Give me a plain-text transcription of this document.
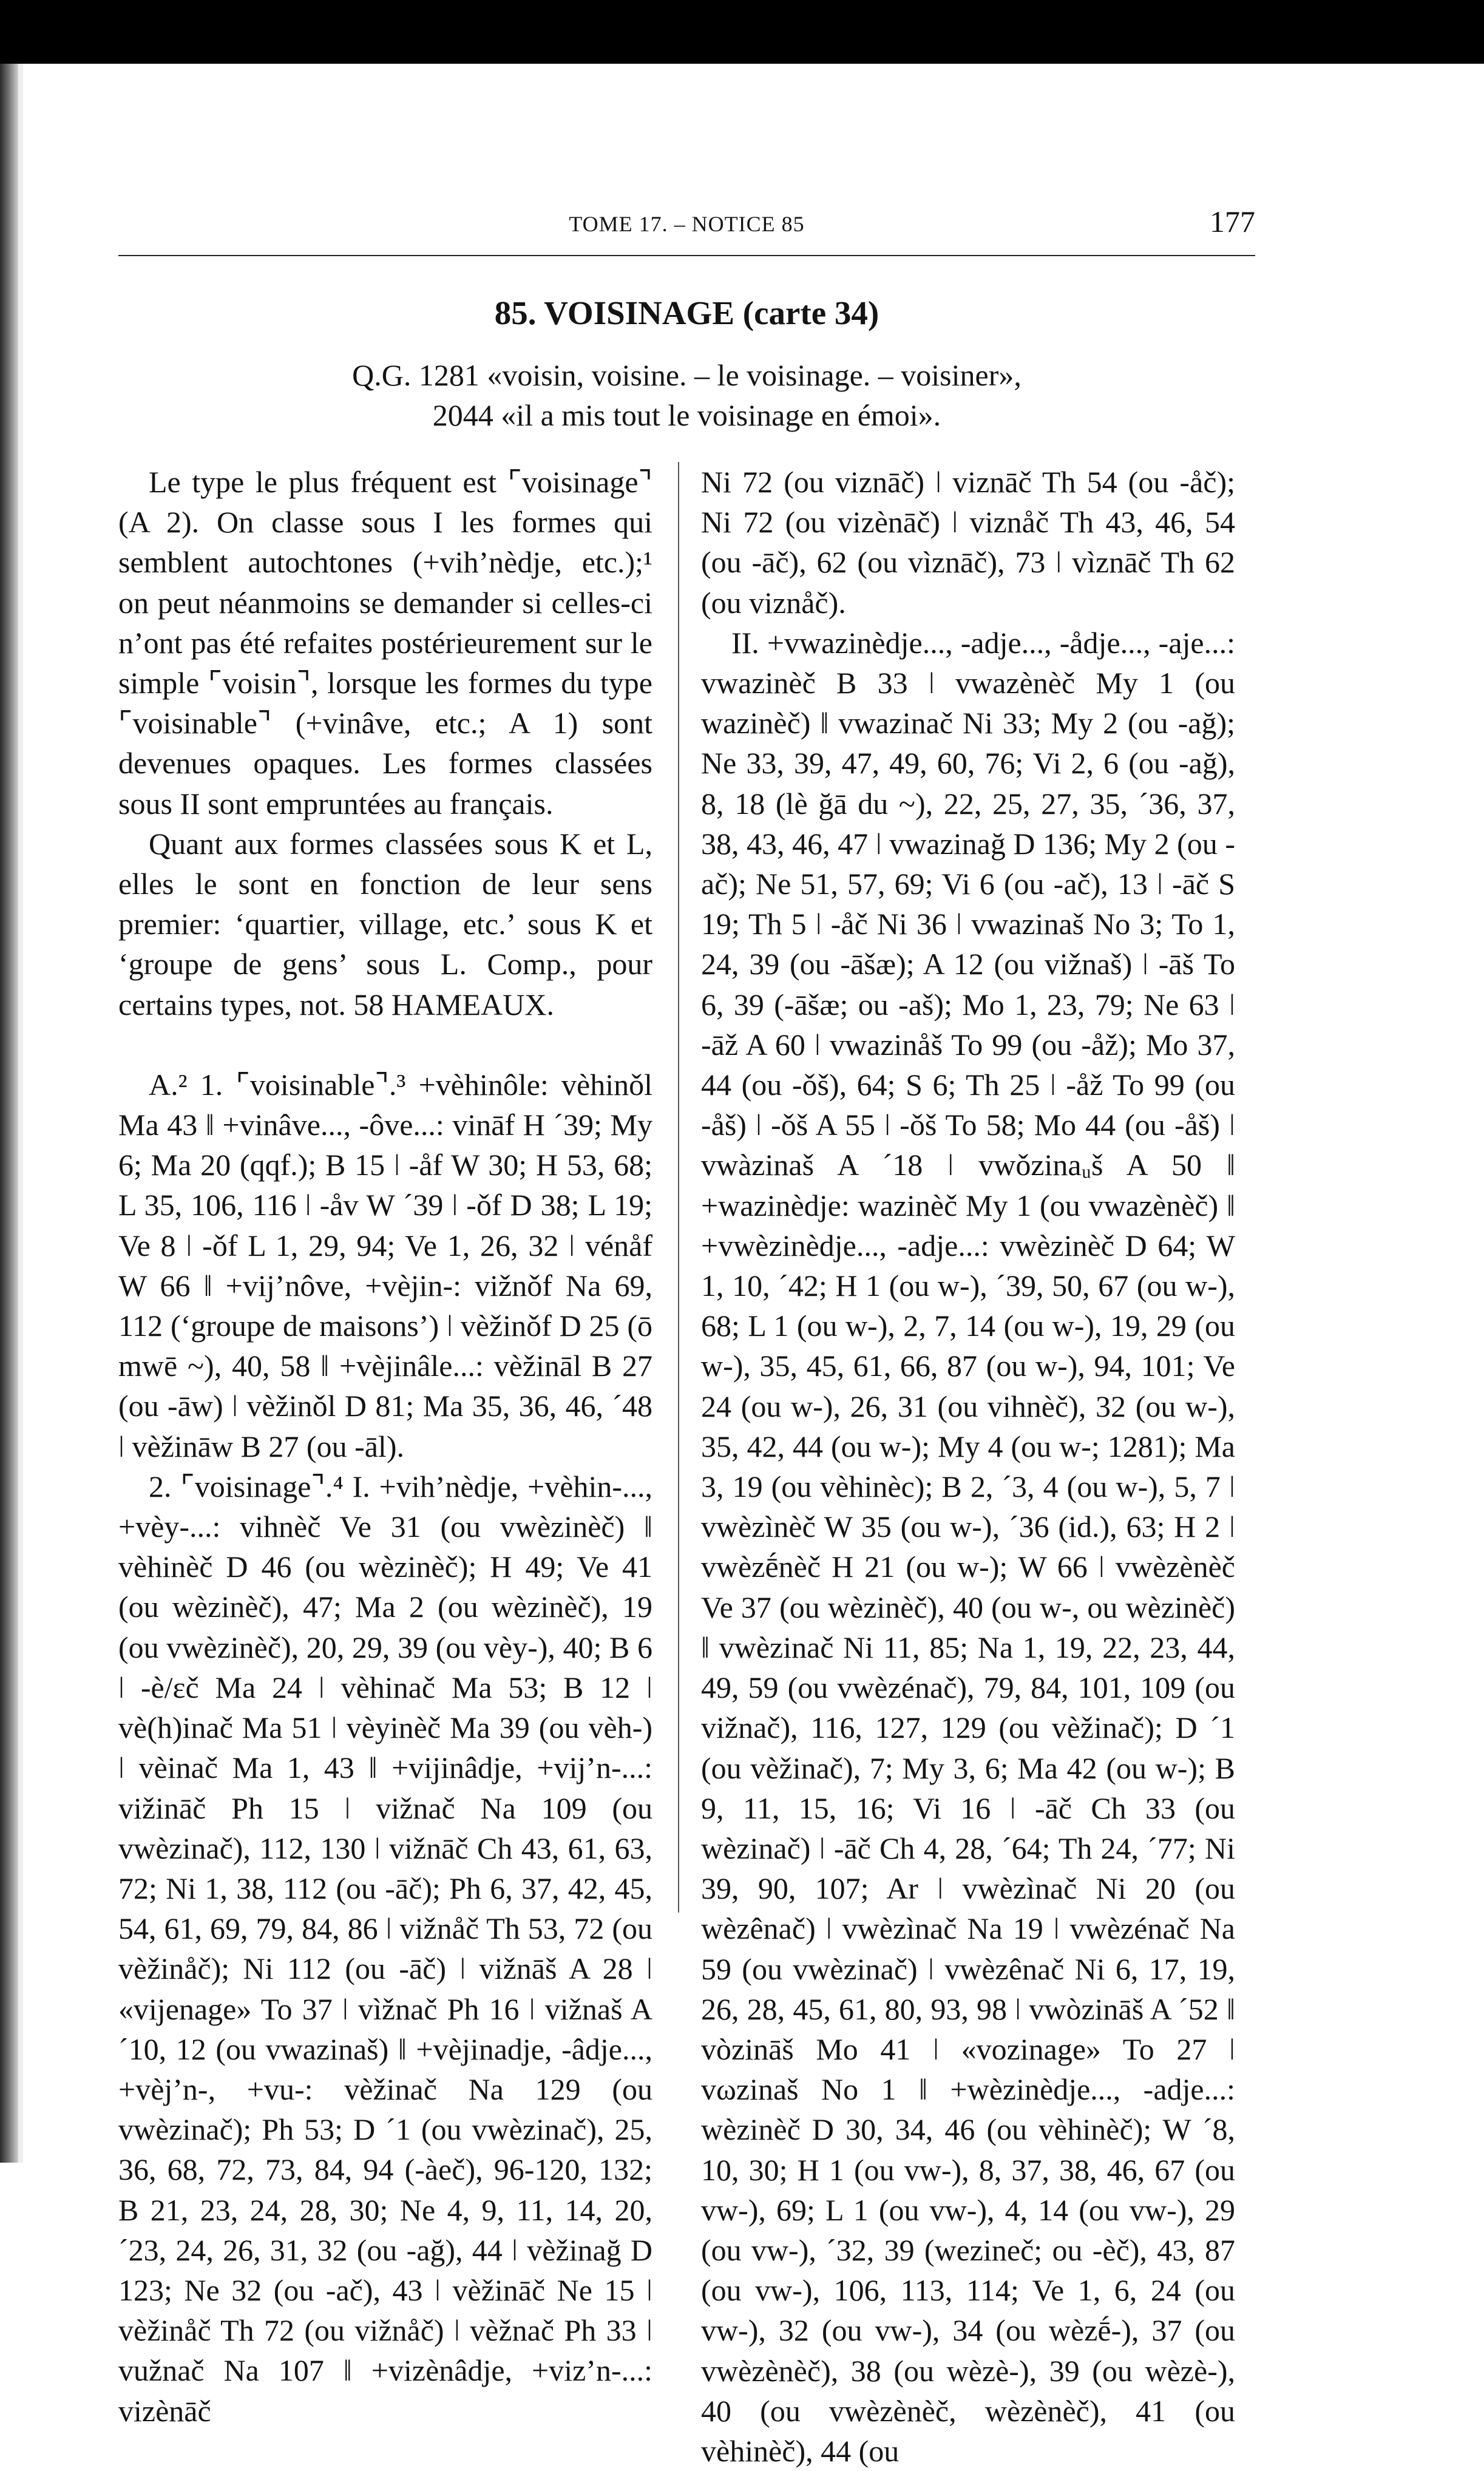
TOME 17. – NOTICE 85	177
85. VOISINAGE (carte 34)
Q.G. 1281 «voisin, voisine. – le voisinage. – voisiner»,
2044 «il a mis tout le voisinage en émoi».

Le type le plus fréquent est ⌜voisinage⌝ (A 2). On classe sous I les formes qui semblent autochtones (+vih’nèdje, etc.);¹ on peut néanmoins se demander si celles-ci n’ont pas été refaites postérieurement sur le simple ⌜voisin⌝, lorsque les formes du type ⌜voisinable⌝ (+vinâve, etc.; A 1) sont devenues opaques. Les formes classées sous II sont empruntées au français.

Quant aux formes classées sous K et L, elles le sont en fonction de leur sens premier: ‘quartier, village, etc.’ sous K et ‘groupe de gens’ sous L. Comp., pour certains types, not. 58 HAMEAUX.

A.² 1. ⌜voisinable⌝.³ +vèhinôle: vèhinǒl Ma 43 ǁ +vinâve..., -ôve...: vināf H ´39; My 6; Ma 20 (qqf.); B 15 ǀ -åf W 30; H 53, 68; L 35, 106, 116 ǀ -åv W ´39 ǀ -ǒf D 38; L 19; Ve 8 ǀ -ǒf L 1, 29, 94; Ve 1, 26, 32 ǀ vénåf W 66 ǁ +vij’nôve, +vèjin-: vižnǒf Na 69, 112 (‘groupe de maisons’) ǀ vèžinǒf D 25 (ō mwē ~), 40, 58 ǁ +vèjinâle...: vèžināl B 27 (ou -āw) ǀ vèžinǒl D 81; Ma 35, 36, 46, ´48 ǀ vèžināw B 27 (ou -āl).

2. ⌜voisinage⌝.⁴ I. +vih’nèdje, +vèhin-..., +vèy-...: vihnèč Ve 31 (ou vwèzinèč) ǁ vèhinèč D 46 (ou wèzinèč); H 49; Ve 41 (ou wèzinèč), 47; Ma 2 (ou wèzinèč), 19 (ou vwèzinèč), 20, 29, 39 (ou vèy-), 40; B 6 ǀ -è/εč Ma 24 ǀ vèhinač Ma 53; B 12 ǀ vè(h)inač Ma 51 ǀ vèyinèč Ma 39 (ou vèh-) ǀ vèinač Ma 1, 43 ǁ +vijinâdje, +vij’n-...: vižināč Ph 15 ǀ vižnač Na 109 (ou vwèzinač), 112, 130 ǀ vižnāč Ch 43, 61, 63, 72; Ni 1, 38, 112 (ou -āč); Ph 6, 37, 42, 45, 54, 61, 69, 79, 84, 86 ǀ vižnåč Th 53, 72 (ou vèžinåč); Ni 112 (ou -āč) ǀ vižnāš A 28 ǀ «vijenage» To 37 ǀ vìžnač Ph 16 ǀ vižnaš A ´10, 12 (ou vwazinaš) ǁ +vèjinadje, -âdje..., +vèj’n-, +vu-: vèžinač Na 129 (ou vwèzinač); Ph 53; D ´1 (ou vwèzinač), 25, 36, 68, 72, 73, 84, 94 (-àeč), 96-120, 132; B 21, 23, 24, 28, 30; Ne 4, 9, 11, 14, 20, ´23, 24, 26, 31, 32 (ou -ağ), 44 ǀ vèžinağ D 123; Ne 32 (ou -ač), 43 ǀ vèžināč Ne 15 ǀ vèžinåč Th 72 (ou vižnåč) ǀ vèžnač Ph 33 ǀ vužnač Na 107 ǁ +vizènâdje, +viz’n-...: vizènāč

Ni 72 (ou viznāč) ǀ viznāč Th 54 (ou -åč); Ni 72 (ou vizènāč) ǀ viznåč Th 43, 46, 54 (ou -āč), 62 (ou vìznāč), 73 ǀ vìznāč Th 62 (ou viznåč).

II. +vwazinèdje..., -adje..., -ådje..., -aje...: vwazinèč B 33 ǀ vwazènèč My 1 (ou wazinèč) ǁ vwazinač Ni 33; My 2 (ou -ağ); Ne 33, 39, 47, 49, 60, 76; Vi 2, 6 (ou -ağ), 8, 18 (lè ğā du ~), 22, 25, 27, 35, ´36, 37, 38, 43, 46, 47 ǀ vwazinağ D 136; My 2 (ou -ač); Ne 51, 57, 69; Vi 6 (ou -ač), 13 ǀ -āč S 19; Th 5 ǀ -åč Ni 36 ǀ vwazinaš No 3; To 1, 24, 39 (ou -āšæ); A 12 (ou vižnaš) ǀ -āš To 6, 39 (-āšæ; ou -aš); Mo 1, 23, 79; Ne 63 ǀ -āž A 60 ǀ vwazinåš To 99 (ou -åž); Mo 37, 44 (ou -ǒš), 64; S 6; Th 25 ǀ -åž To 99 (ou -åš) ǀ -ǒš A 55 ǀ -ǒš To 58; Mo 44 (ou -åš) ǀ vwàzinaš A ´18 ǀ vwǒzinaᵤš A 50 ǁ +wazinèdje: wazinèč My 1 (ou vwazènèč) ǁ +vwèzinèdje..., -adje...: vwèzinèč D 64; W 1, 10, ´42; H 1 (ou w-), ´39, 50, 67 (ou w-), 68; L 1 (ou w-), 2, 7, 14 (ou w-), 19, 29 (ou w-), 35, 45, 61, 66, 87 (ou w-), 94, 101; Ve 24 (ou w-), 26, 31 (ou vihnèč), 32 (ou w-), 35, 42, 44 (ou w-); My 4 (ou w-; 1281); Ma 3, 19 (ou vèhinèc); B 2, ´3, 4 (ou w-), 5, 7 ǀ vwèzìnèč W 35 (ou w-), ´36 (id.), 63; H 2 ǀ vwèzḗnèč H 21 (ou w-); W 66 ǀ vwèzènèč Ve 37 (ou wèzinèč), 40 (ou w-, ou wèzinèč) ǁ vwèzinač Ni 11, 85; Na 1, 19, 22, 23, 44, 49, 59 (ou vwèzénač), 79, 84, 101, 109 (ou vižnač), 116, 127, 129 (ou vèžinač); D ´1 (ou vèžinač), 7; My 3, 6; Ma 42 (ou w-); B 9, 11, 15, 16; Vi 16 ǀ -āč Ch 33 (ou wèzinač) ǀ -āč Ch 4, 28, ´64; Th 24, ´77; Ni 39, 90, 107; Ar ǀ vwèzìnač Ni 20 (ou wèzênač) ǀ vwèzìnač Na 19 ǀ vwèzénač Na 59 (ou vwèzinač) ǀ vwèzênač Ni 6, 17, 19, 26, 28, 45, 61, 80, 93, 98 ǀ vwòzināš A ´52 ǁ vòzināš Mo 41 ǀ «vozinage» To 27 ǀ vωzinaš No 1 ǁ +wèzinèdje..., -adje...: wèzinèč D 30, 34, 46 (ou vèhinèč); W ´8, 10, 30; H 1 (ou vw-), 8, 37, 38, 46, 67 (ou vw-), 69; L 1 (ou vw-), 4, 14 (ou vw-), 29 (ou vw-), ´32, 39 (wezineč; ou -èč), 43, 87 (ou vw-), 106, 113, 114; Ve 1, 6, 24 (ou vw-), 32 (ou vw-), 34 (ou wèzḗ-), 37 (ou vwèzènèč), 38 (ou wèzè-), 39 (ou wèzè-), 40 (ou vwèzènèč, wèzènèč), 41 (ou vèhinèč), 44 (ou
